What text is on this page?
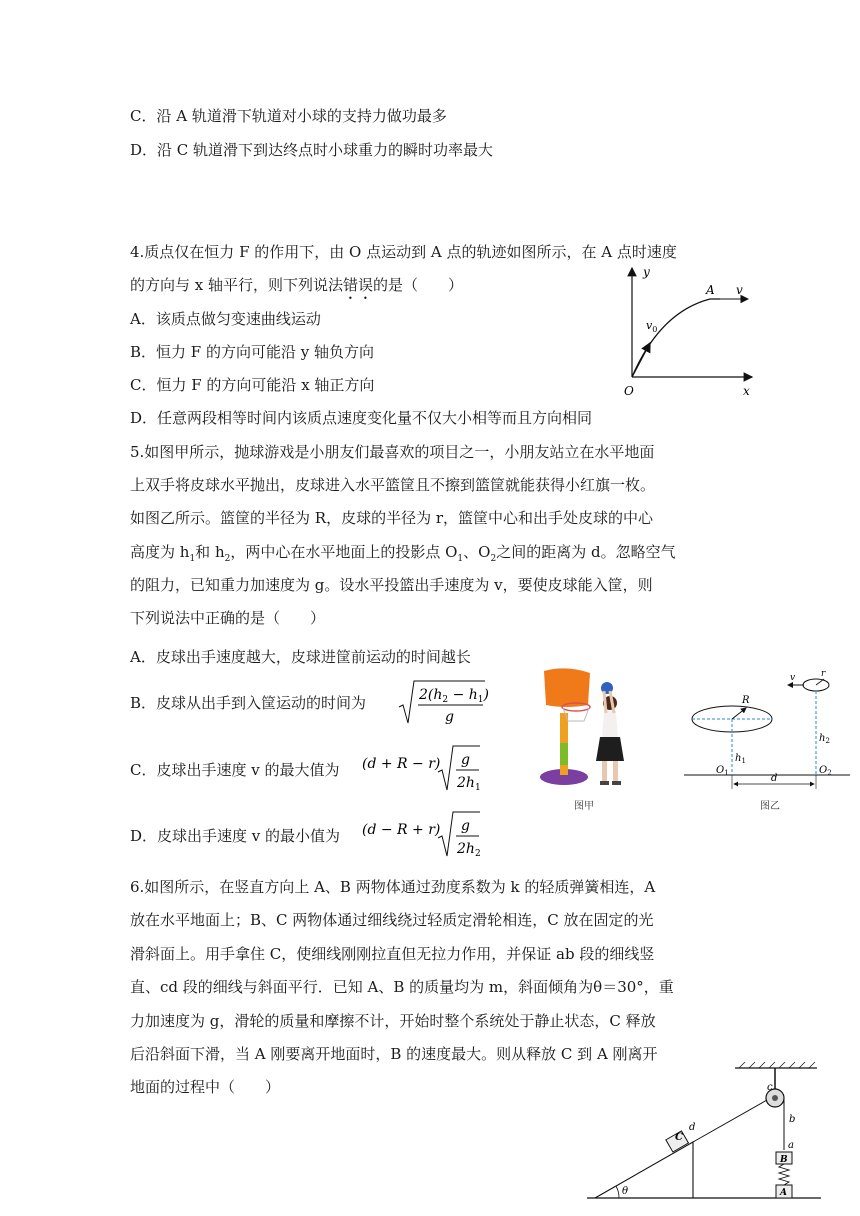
C．沿 A 轨道滑下轨道对小球的支持力做功最多
D．沿 C 轨道滑下到达终点时小球重力的瞬时功率最大
4.质点仅在恒力 F 的作用下，由 O 点运动到 A 点的轨迹如图所示，在 A 点时速度
的方向与 x 轴平行，则下列说法错误的是（　　）
A．该质点做匀变速曲线运动
B．恒力 F 的方向可能沿 y 轴负方向
C．恒力 F 的方向可能沿 x 轴正方向
D．任意两段相等时间内该质点速度变化量不仅大小相等而且方向相同
y
x
O
A v
$v_0$
5.如图甲所示，抛球游戏是小朋友们最喜欢的项目之一，小朋友站立在水平地面
上双手将皮球水平抛出，皮球进入水平篮筐且不擦到篮筐就能获得小红旗一枚。
如图乙所示。篮筐的半径为 R，皮球的半径为 r，篮筐中心和出手处皮球的中心
高度为 $h_1$和 $h_2$，两中心在水平地面上的投影点 $O_1$、$O_2$之间的距离为 d。忽略空气
的阻力，已知重力加速度为 g。设水平投篮出手速度为 v，要使皮球能入筐，则
下列说法中正确的是（　　）
A．皮球出手速度越大，皮球进筐前运动的时间越长
B．皮球从出手到入筐运动的时间为	$2(h_2 - h_1)$
g
C．皮球出手速度 v 的最大值为 (d + R − r) g
$2h_1$
D．皮球出手速度 v 的最小值为 (d − R + r) g
$2h_2$
图甲
R
$h_1$
r
v
$h_2$
$O_1$	$O_2$
d
图乙
6.如图所示，在竖直方向上 A、B 两物体通过劲度系数为 k 的轻质弹簧相连，A
放在水平地面上；B、C 两物体通过细线绕过轻质定滑轮相连，C 放在固定的光
滑斜面上。用手拿住 C，使细线刚刚拉直但无拉力作用，并保证 ab 段的细线竖
直、cd 段的细线与斜面平行．已知 A、B 的质量均为 m，斜面倾角为θ＝30°，重
力加速度为 g，滑轮的质量和摩擦不计，开始时整个系统处于静止状态，C 释放
后沿斜面下滑，当 A 刚要离开地面时，B 的速度最大。则从释放 C 到 A 刚离开
地面的过程中（　　）
C
d
c
b
a
B
A
θ
